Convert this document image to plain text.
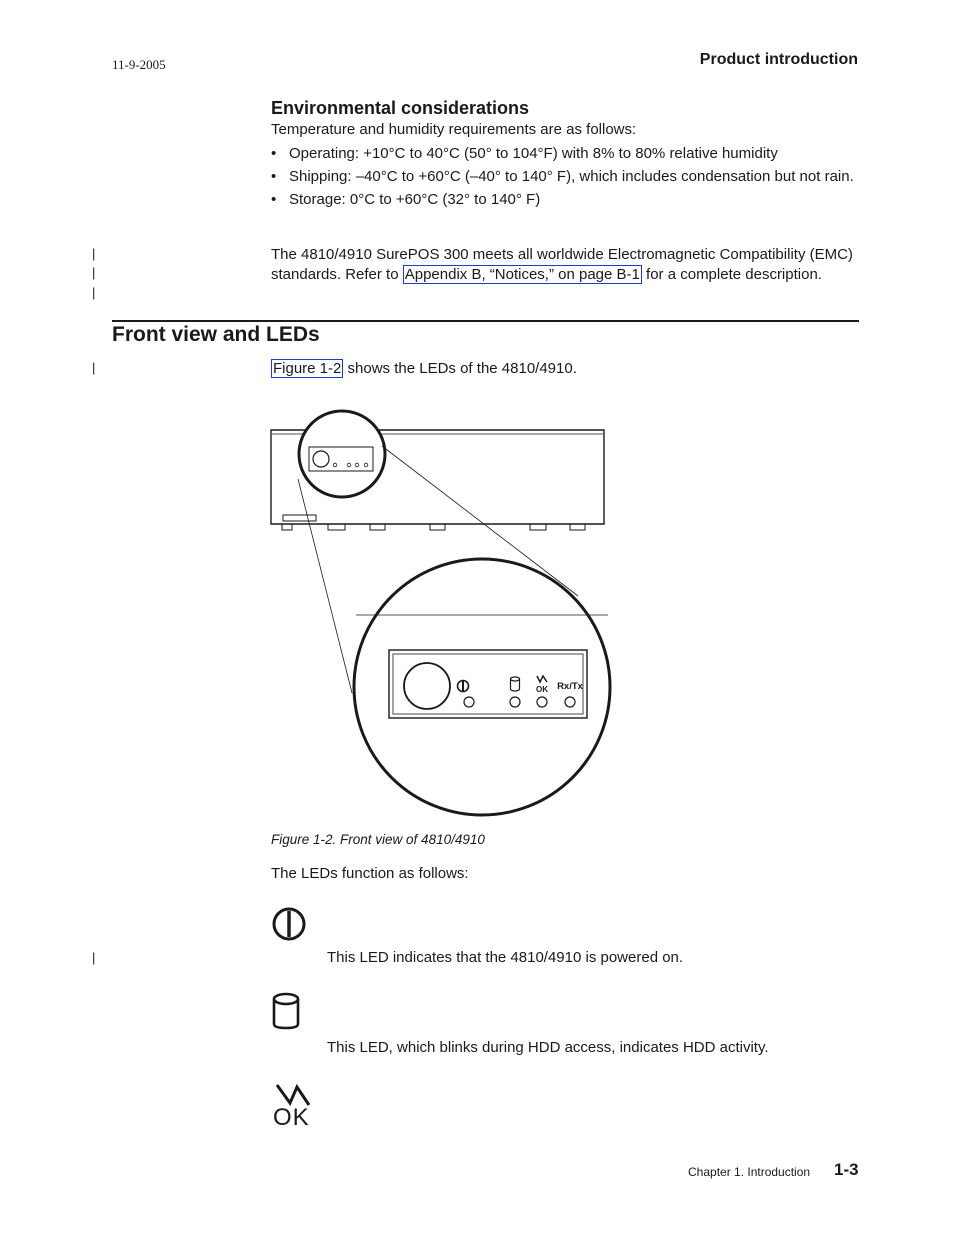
11-9-2005	Product introduction
Environmental considerations
Temperature and humidity requirements are as follows:
• Operating: +10°C to 40°C (50° to 104°F) with 8% to 80% relative humidity
• Shipping: –40°C to +60°C (–40° to 140° F), which includes condensation but not rain.
• Storage: 0°C to +60°C (32° to 140° F)
|
|
|
The 4810/4910 SurePOS 300 meets all worldwide Electromagnetic Compatibility (EMC) standards. Refer to Appendix B, “Notices,” on page B-1 for a complete description.
Front view and LEDs
|	Figure 1-2 shows the LEDs of the 4810/4910.
OK Rx/Tx
Figure 1-2. Front view of 4810/4910
The LEDs function as follows:
|	This LED indicates that the 4810/4910 is powered on.
This LED, which blinks during HDD access, indicates HDD activity.
OK
Chapter 1. Introduction 1-3
